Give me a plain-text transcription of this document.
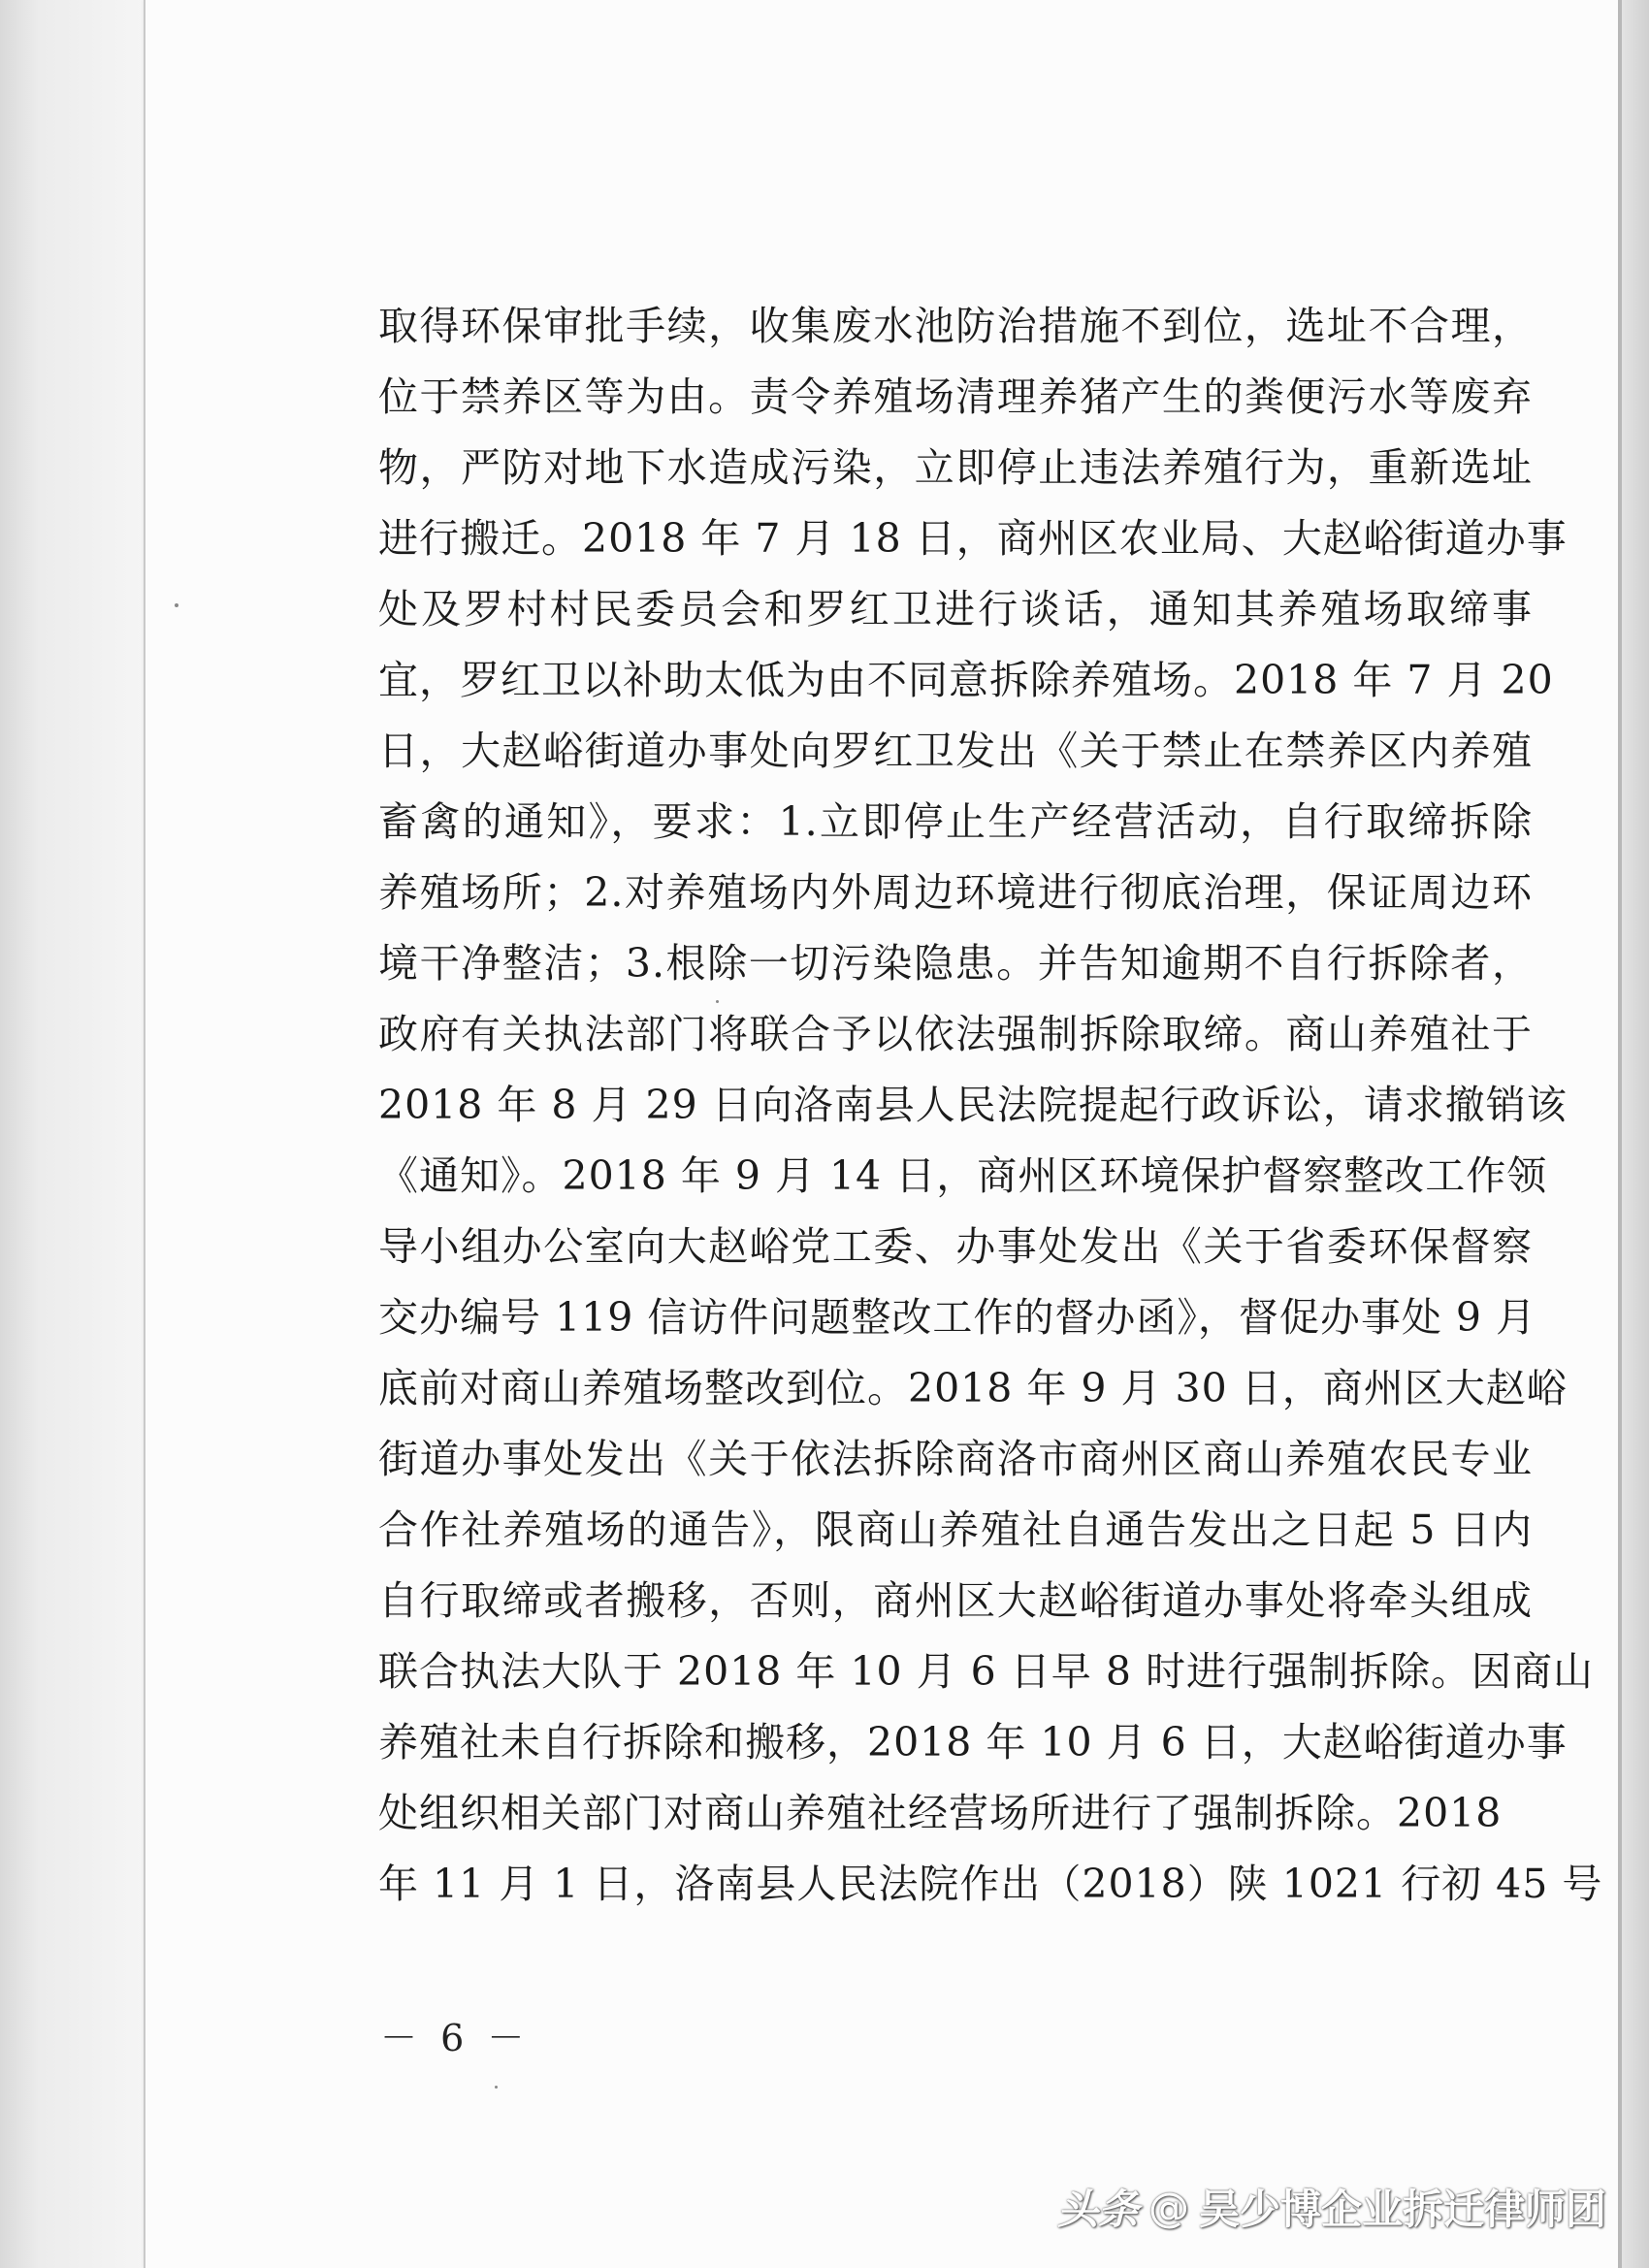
取得环保审批手续，收集废水池防治措施不到位，选址不合理，
位于禁养区等为由。责令养殖场清理养猪产生的粪便污水等废弃
物，严防对地下水造成污染，立即停止违法养殖行为，重新选址
进行搬迁。2018 年 7 月 18 日，商州区农业局、大赵峪街道办事
处及罗村村民委员会和罗红卫进行谈话，通知其养殖场取缔事
宜，罗红卫以补助太低为由不同意拆除养殖场。2018 年 7 月 20
日，大赵峪街道办事处向罗红卫发出《关于禁止在禁养区内养殖
畜禽的通知》，要求：1.立即停止生产经营活动，自行取缔拆除
养殖场所；2.对养殖场内外周边环境进行彻底治理，保证周边环
境干净整洁；3.根除一切污染隐患。并告知逾期不自行拆除者，
政府有关执法部门将联合予以依法强制拆除取缔。商山养殖社于
2018 年 8 月 29 日向洛南县人民法院提起行政诉讼，请求撤销该
《通知》。2018 年 9 月 14 日，商州区环境保护督察整改工作领
导小组办公室向大赵峪党工委、办事处发出《关于省委环保督察
交办编号 119 信访件问题整改工作的督办函》，督促办事处 9 月
底前对商山养殖场整改到位。2018 年 9 月 30 日，商州区大赵峪
街道办事处发出《关于依法拆除商洛市商州区商山养殖农民专业
合作社养殖场的通告》，限商山养殖社自通告发出之日起 5 日内
自行取缔或者搬移，否则，商州区大赵峪街道办事处将牵头组成
联合执法大队于 2018 年 10 月 6 日早 8 时进行强制拆除。因商山
养殖社未自行拆除和搬移，2018 年 10 月 6 日，大赵峪街道办事
处组织相关部门对商山养殖社经营场所进行了强制拆除。2018
年 11 月 1 日，洛南县人民法院作出（2018）陕 1021 行初 45 号
－ 6 －
头条 @ 吴少博企业拆迁律师团
